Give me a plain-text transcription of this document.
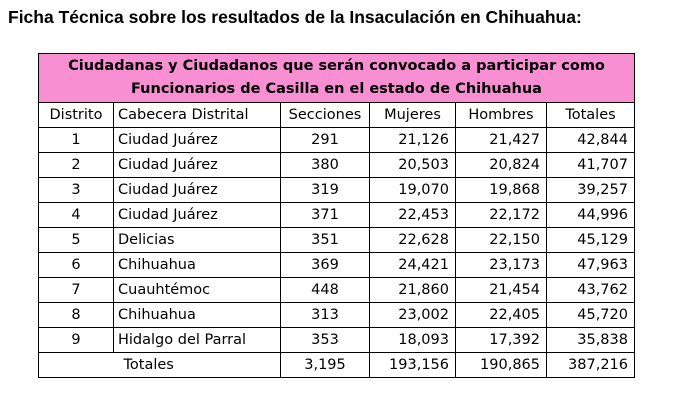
Ficha Técnica sobre los resultados de la Insaculación en Chihuahua:
Ciudadanas y Ciudadanos que serán convocado a participar como
Funcionarios de Casilla en el estado de Chihuahua					
Distrito	Cabecera Distrital	Secciones	Mujeres	Hombres	Totales
1	Ciudad Juárez	291	21,126	21,427	42,844
2	Ciudad Juárez	380	20,503	20,824	41,707
3	Ciudad Juárez	319	19,070	19,868	39,257
4	Ciudad Juárez	371	22,453	22,172	44,996
5	Delicias	351	22,628	22,150	45,129
6	Chihuahua	369	24,421	23,173	47,963
7	Cuauhtémoc	448	21,860	21,454	43,762
8	Chihuahua	313	23,002	22,405	45,720
9	Hidalgo del Parral	353	18,093	17,392	35,838
	Totales	3,195	193,156	190,865	387,216
